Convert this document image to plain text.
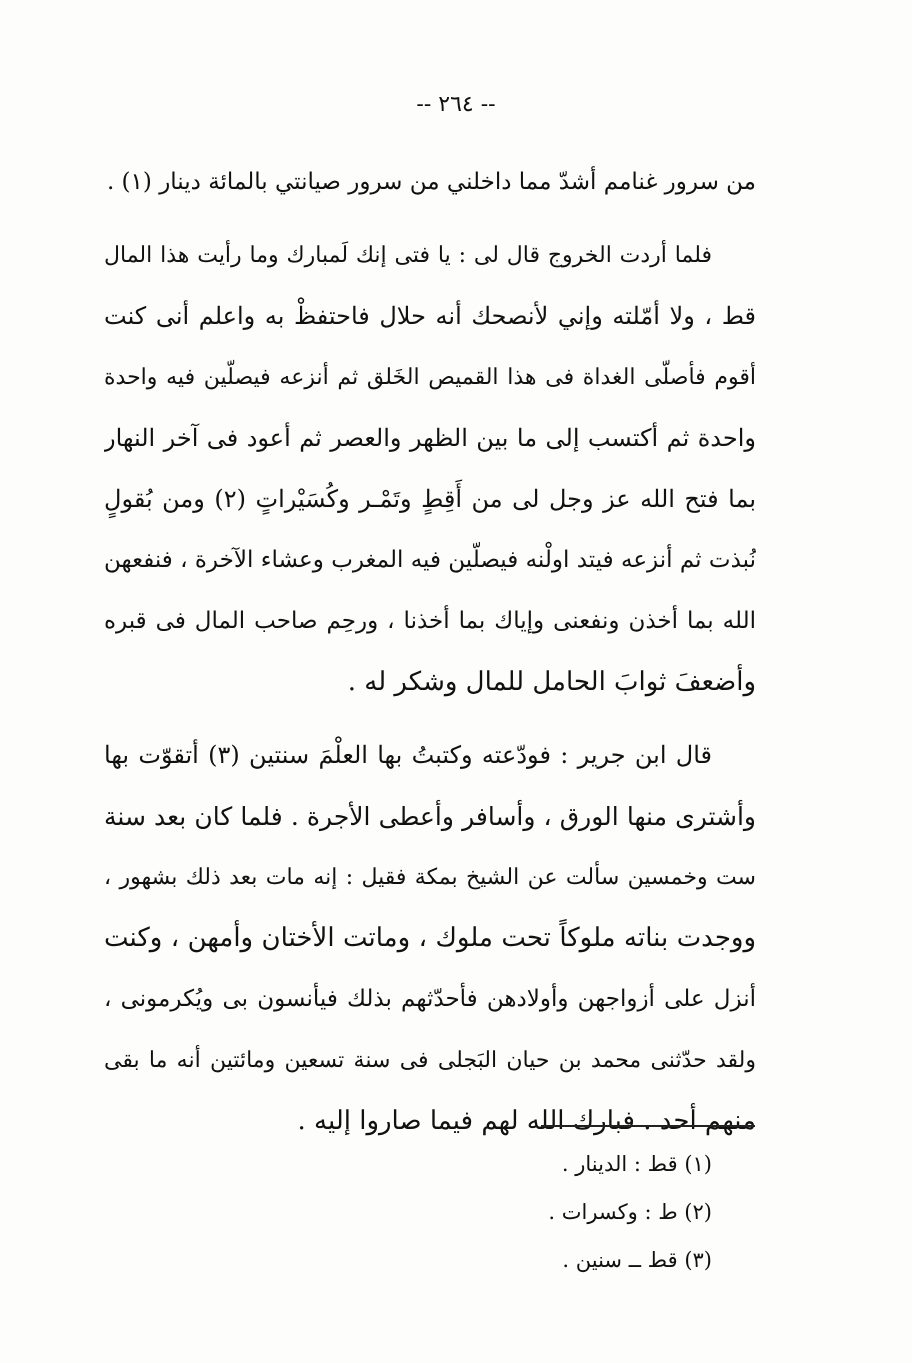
-- ٢٦٤ --
من سرور غنامم أشدّ مما داخلني من سرور صيانتي بالمائة دينار (١) .
فلما أردت الخروج قال لى : يا فتى إنك لَمبارك وما رأيت هذا المال
قط ، ولا أمّلته وإني لأنصحك أنه حلال فاحتفظْ به واعلم أنى كنت
أقوم فأصلّى الغداة فى هذا القميص الخَلق ثم أنزعه فيصلّين فيه واحدة
واحدة ثم أكتسب إلى ما بين الظهر والعصر ثم أعود فى آخر النهار
بما فتح الله عز وجل لى من أَقِطٍ وتَمْـر وكُسَيْراتٍ (٢) ومن بُقولٍ
نُبذت ثم أنزعه فيتد اولْنه فيصلّين فيه المغرب وعشاء الآخرة ، فنفعهن
الله بما أخذن ونفعنى وإياك بما أخذنا ، ورحِم صاحب المال فى قبره
وأضعفَ ثوابَ الحامل للمال وشكر له .
قال ابن جرير : فودّعته وكتبتُ بها العلْمَ سنتين (٣) أتقوّت بها
وأشترى منها الورق ، وأسافر وأعطى الأجرة . فلما كان بعد سنة
ست وخمسين سألت عن الشيخ بمكة فقيل : إنه مات بعد ذلك بشهور ،
ووجدت بناته ملوكاً تحت ملوك ، وماتت الأختان وأمهن ، وكنت
أنزل على أزواجهن وأولادهن فأحدّثهم بذلك فيأنسون بى ويُكرمونى ،
ولقد حدّثنى محمد بن حيان البَجلى فى سنة تسعين ومائتين أنه ما بقى
منهم أحد . فبارك الله لهم فيما صاروا إليه .
(١) قط : الدينار .
(٢) ط : وكسرات .
(٣) قط ــ سنين .
